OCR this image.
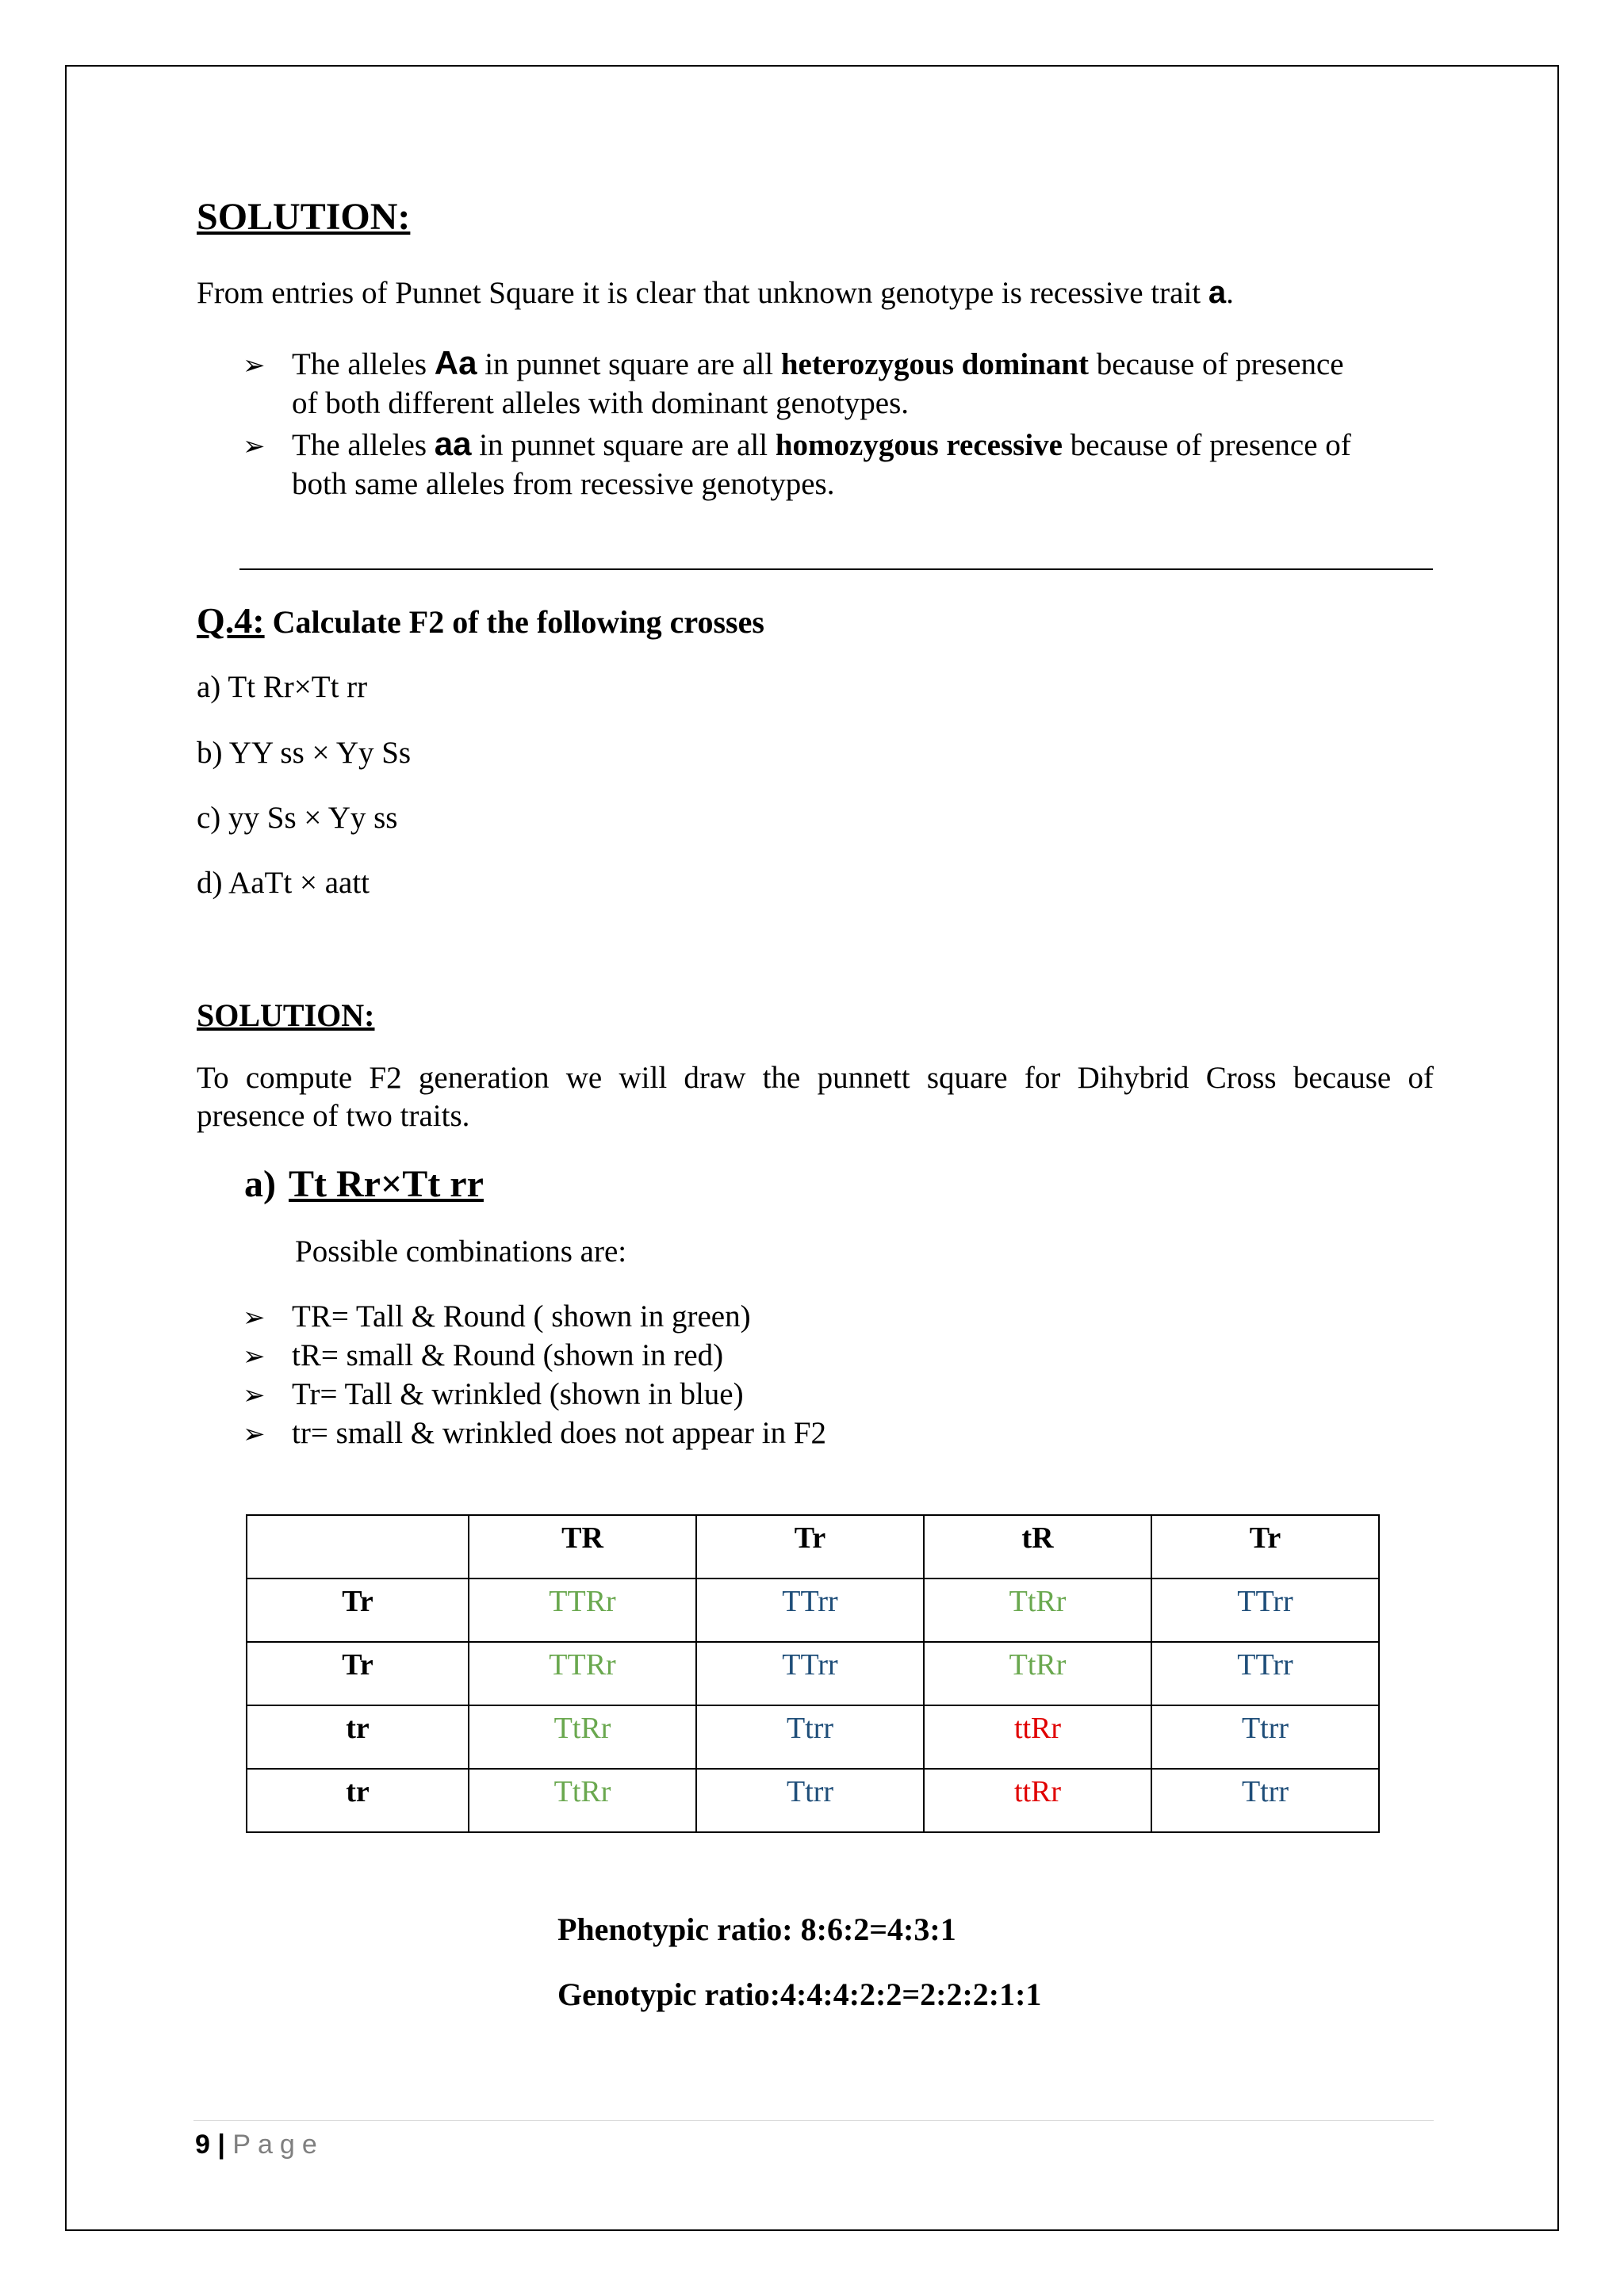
SOLUTION:
From entries of Punnet Square it is clear that unknown genotype is recessive trait a.
➢ The alleles Aa in punnet square are all heterozygous dominant because of presence
of both different alleles with dominant genotypes.
➢ The alleles aa in punnet square are all homozygous recessive because of presence of
both same alleles from recessive genotypes.
Q.4: Calculate F2 of the following crosses
a) Tt Rr×Tt rr
b) YY ss × Yy Ss
c) yy Ss × Yy ss
d) AaTt × aatt
SOLUTION:
To compute F2 generation we will draw the punnett square for Dihybrid Cross because of
presence of two traits.
a) Tt Rr×Tt rr
Possible combinations are:
➢ TR= Tall & Round ( shown in green)
➢ tR= small & Round (shown in red)
➢ Tr= Tall & wrinkled (shown in blue)
➢ tr= small & wrinkled does not appear in F2
	TR	Tr	tR	Tr
Tr	TTRr	TTrr	TtRr	TTrr
Tr	TTRr	TTrr	TtRr	TTrr
tr	TtRr	Ttrr	ttRr	Ttrr
tr	TtRr	Ttrr	ttRr	Ttrr
Phenotypic ratio: 8:6:2=4:3:1
Genotypic ratio:4:4:4:2:2=2:2:2:1:1
9 | Page
